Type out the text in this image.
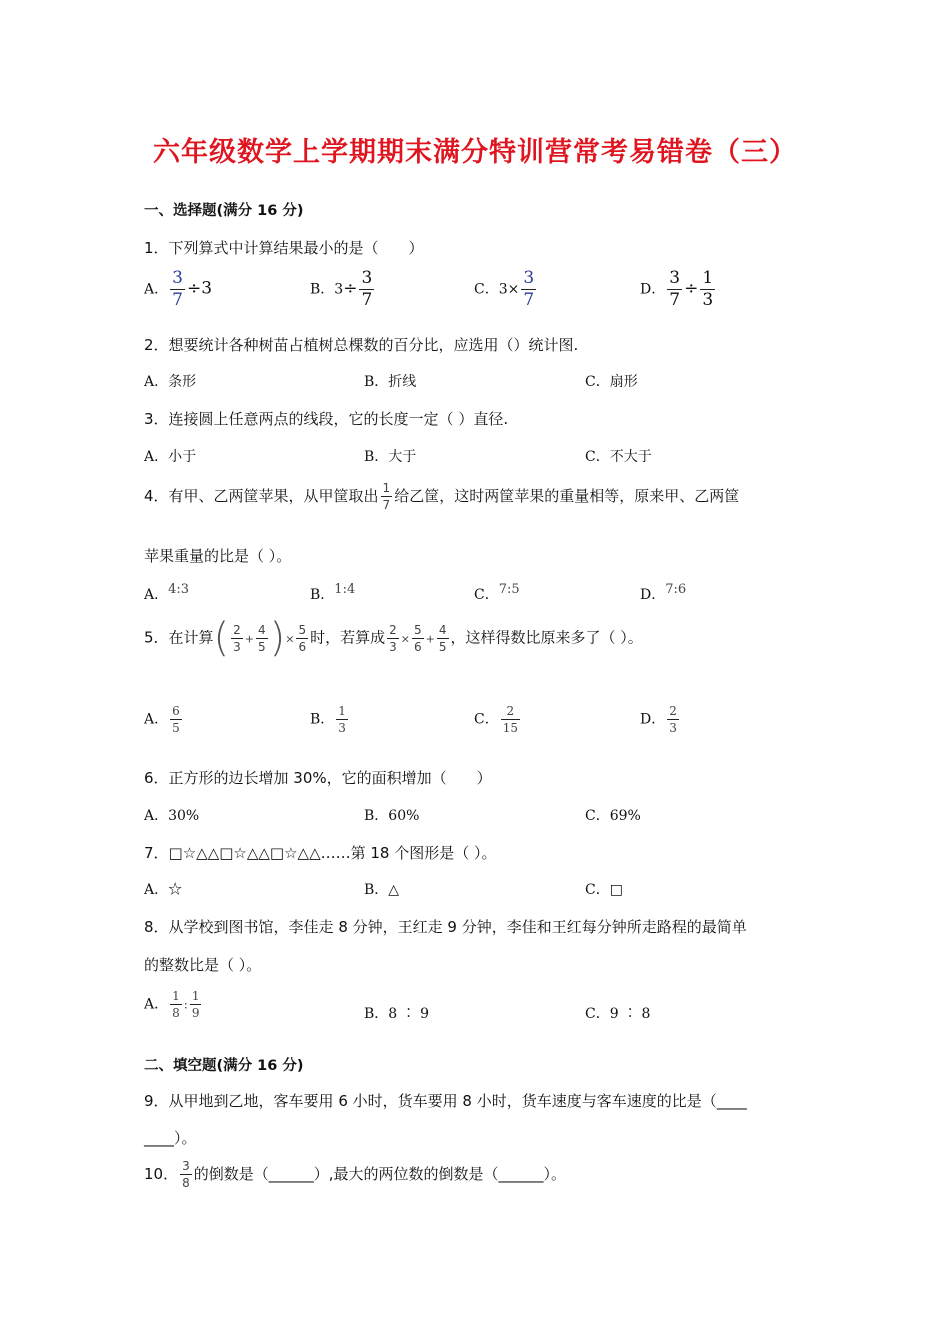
六年级数学上学期期末满分特训营常考易错卷（三）
一、选择题(满分 16 分)
1．下列算式中计算结果最小的是（　　）
A． $\frac{3}{7} \div 3$	B．$3\div \frac{3}{7}$	C．$3\times \frac{3}{7}$	D． $\frac{3}{7} \div \frac{1}{3}$
2．想要统计各种树苗占植树总棵数的百分比，应选用（）统计图.
A．条形	B．折线	C．扇形
3．连接圆上任意两点的线段，它的长度一定（ ）直径.
A．小于	B．大于	C．不大于
4．有甲、乙两筐苹果，从甲筐取出 $\frac{1}{7}$ 给乙筐，这时两筐苹果的重量相等，原来甲、乙两筐
苹果重量的比是（ ）。
A．4:3	B．1:4	C．7:5	D．7:6
5．在计算( $\frac{2}{3} + \frac{4}{5}$ )× $\frac{5}{6}$ 时，若算成 $\frac{2}{3} \times \frac{5}{6} + \frac{4}{5}$ ，这样得数比原来多了（ ）。
A． $\frac{6}{5}$	B． $\frac{1}{3}$	C． $\frac{2}{15}$	D． $\frac{2}{3}$
6．正方形的边长增加 30%，它的面积增加（　　）
A．30%	B．60%	C．69%
7．□☆△△□☆△△□☆△△……第 18 个图形是（ ）。
A．☆	B．△	C．□
8．从学校到图书馆，李佳走 8 分钟，王红走 9 分钟，李佳和王红每分钟所走路程的最简单
的整数比是（ ）。
A． $\frac{1}{8}$ : $\frac{1}{9}$	B．8 ∶ 9	C．9 ∶ 8
二、填空题(满分 16 分)
9．从甲地到乙地，客车要用 6 小时，货车要用 8 小时，货车速度与客车速度的比是（____
____）。
10． $\frac{3}{8}$ 的倒数是（______）,最大的两位数的倒数是（______）。
